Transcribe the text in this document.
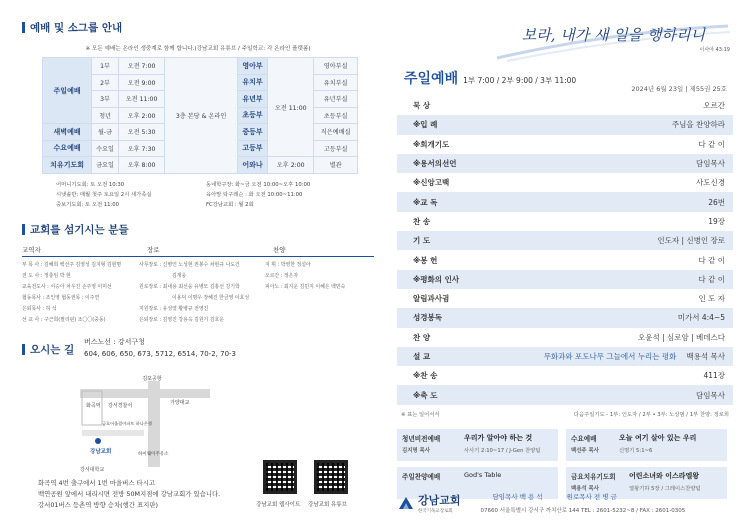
예배 및 소그룹 안내
※ 모든 예배는 온라인 생중계로 함께 합니다.(강남교회 유튜브 / 주일학교: 각 온라인 플랫폼)
주일예배	1부	오전 7:00	3층 본당 & 온라인	영아부	오전 11:00	영아부실
	2부	오전 9:00		유치부		유치부실
	3부	오전 11:00		유년부		유년부실
	청년	오후 2:00		초등부		초등부실
새벽예배	월-금	오전 5:30		중등부		직은예배실
수요예배	수요일	오후 7:30		고등부		고등부실
치유기도회	금요일	오후 8:00		어와나	오후 2:00	별관
어머니기도회: 토 오전 10:30	동네학구장: 화~금 오전 10:00~오후 10:00
시냇솔반: 매월 첫주 토요일 2시 새가족실	육아맘 탁구레슨 : 화 오전 10:00~11:00
중보기도회: 토 오전 11:00	FC강남교회 : 월 2회
교회를 섬기시는 분들
교역자	장로	찬양
부 목 사 : 김혜희 백선주 김영성 김지형 김현명	사무장로 : 신병인 노성현 권봉수 차현규 나도건	지 휘 : 박영한 정설아
전 도 사 : 정충임 박 현	김재웅	오르간 : 정은자
교육전도사 : 서승아 차우진 손주영 이미선	원로장로 : 최내용 최선웅 유병모 김홍선 강기학	피아노 : 최지운 김민지 이혜은 백민숙
협동목사 : 조인영 협동권목 : 이주연	이용덕 이명우 장혜진 한금영 이호성
은퇴목사 : 허 석	지원장로 : 유성열 황병규 전영진
선 교 사 : 구근희(필리핀) 조〇〇(중동)	은퇴장로 : 김영진 강용옥 김원기 김호운
오시는 길
버스노선 : 강서구청
604, 606, 650, 673, 5712, 6514, 70-2, 70-3
김포공항
화곡역 강서경찰서	가양대교
금호어울림아파트 하나은행
강남교회	하이웨이주유소
강서대학교
화곡역 4번 출구에서 1번 마을버스 타시고
백연공원 앞에서 내리시면 전방 50M지점에 강남교회가 있습니다.
강서01버스 등촌역 방향 승차(행간 표지판)	강남교회 웹사이트 강남교회 유튜브
보라, 내가 새 일을 행하리니
이사야 43:19
주일예배 1부 7:00 / 2부 9:00 / 3부 11:00
2024년 6월 23일 | 제55권 25호
묵 상	오르간
※입 례	주님을 찬양하라
※회개기도	다 같 이
※용서의선언	담임목사
※신앙고백	사도신경
※교 독	26번
찬 송	19장
기 도	인도자 | 신병인 장로
※봉 헌	다 같 이
※평화의 인사	다 같 이
알림과사귐	인 도 자
성경봉독	미가서 4:4~5
찬 양	오윤석 | 심로암 | 베데스다
설 교	무화과와 포도나무 그늘에서 누리는 평화 백용석 목사
※찬 송	411장
※축 도	담임목사
※ 표는 일어서서	다음주일기도 - 1부: 인도자 / 2부 • 3부: 노상범 / 1부 찬양: 정로희
청년비전예배
김지명 목사
우리가 알아야 하는 것
사사기 2:10~17 / J-Gen 찬양팀
수요예배
백선주 목사
오늘 여기 살아 있는 우리
신명기 5:1~6
주일찬양예배	God's Table	금요치유기도회
백용석 목사
어린소녀와 이스라엘왕
열왕기하 5장 / 그레이스찬양팀
강남교회
한국기독교장로회
담임목사 백 용 석	원로목사 전 병 금
07660 서울특별시 강서구 까치산로 144 TEL : 2601-5232~8 / FAX : 2601-0305
